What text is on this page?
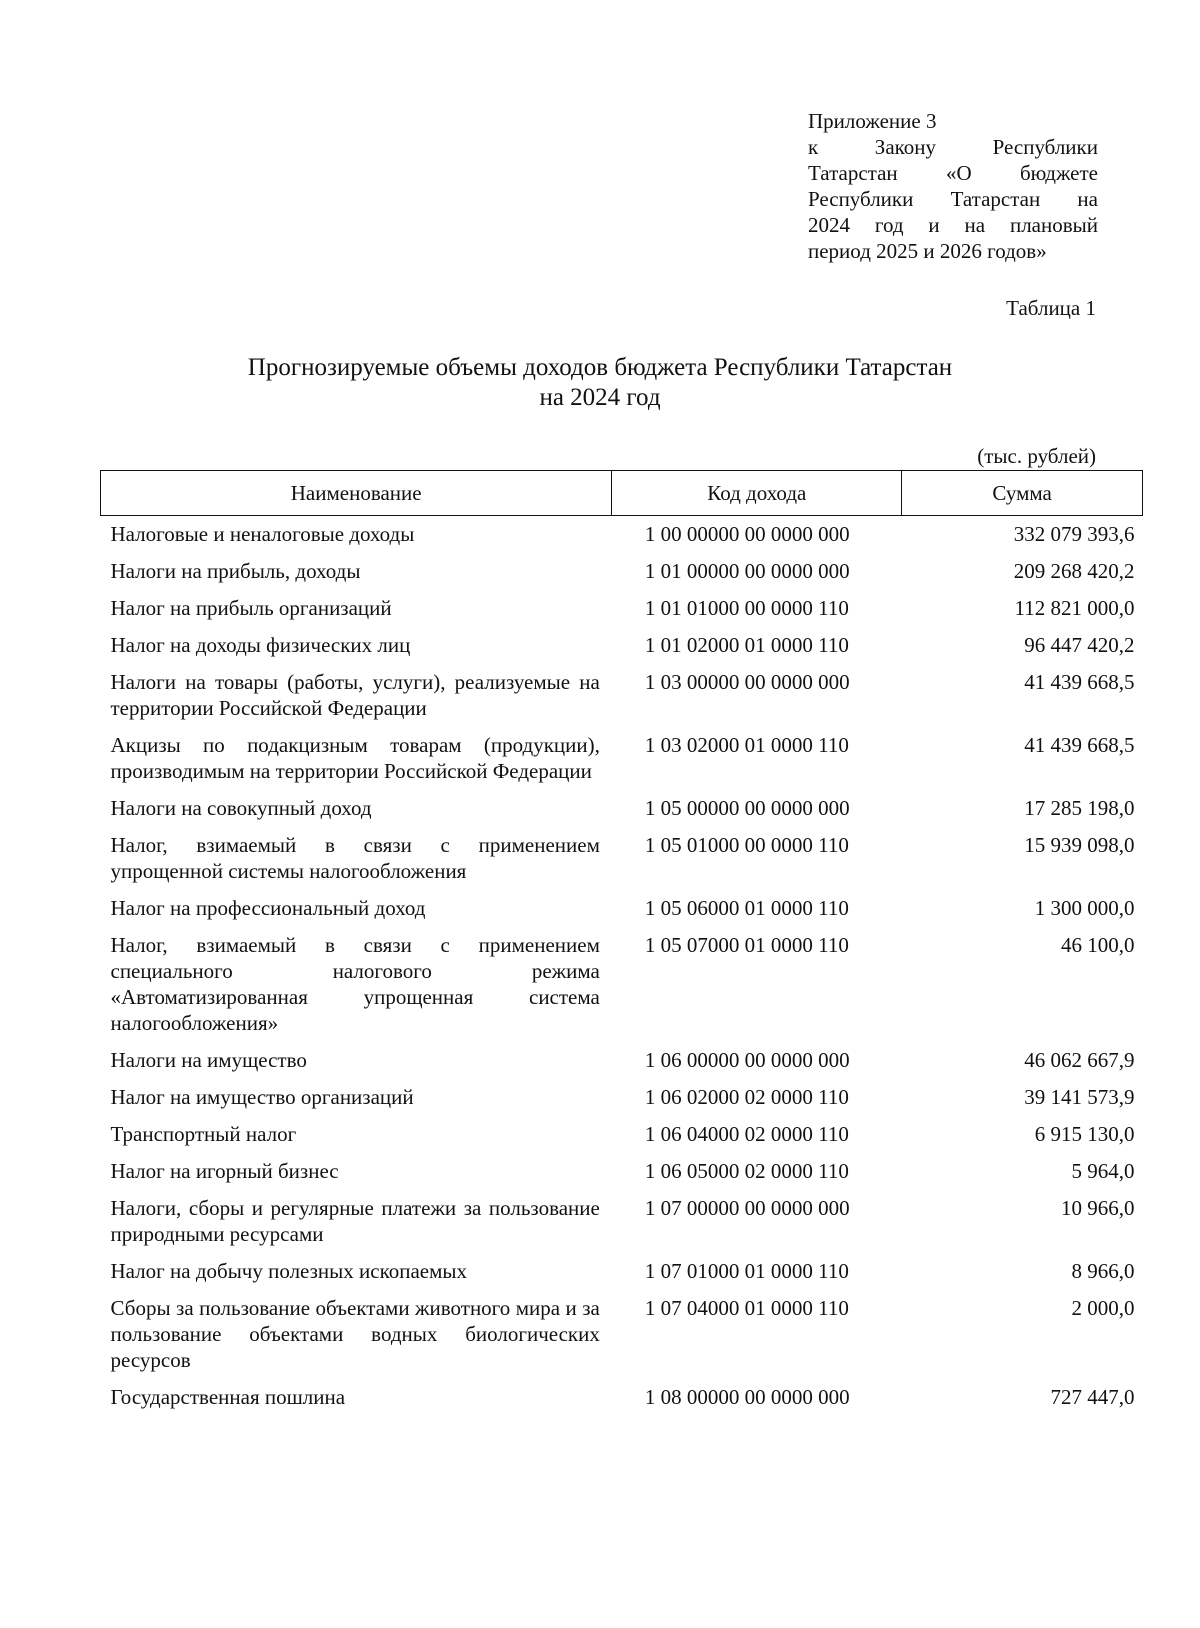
Приложение 3
к Закону Республики
Татарстан «О бюджете
Республики Татарстан на
2024 год и на плановый
период 2025 и 2026 годов»
Таблица 1
Прогнозируемые объемы доходов бюджета Республики Татарстан
на 2024 год
(тыс. рублей)
Наименование	Код дохода	Сумма
Налоговые и неналоговые доходы	1 00 00000 00 0000 000	332 079 393,6
Налоги на прибыль, доходы	1 01 00000 00 0000 000	209 268 420,2
Налог на прибыль организаций	1 01 01000 00 0000 110	112 821 000,0
Налог на доходы физических лиц	1 01 02000 01 0000 110	96 447 420,2
Налоги на товары (работы, услуги), реализуемые на территории Российской Федерации	1 03 00000 00 0000 000	41 439 668,5
Акцизы по подакцизным товарам (продукции), производимым на территории Российской Федерации	1 03 02000 01 0000 110	41 439 668,5
Налоги на совокупный доход	1 05 00000 00 0000 000	17 285 198,0
Налог, взимаемый в связи с применением упрощенной системы налогообложения	1 05 01000 00 0000 110	15 939 098,0
Налог на профессиональный доход	1 05 06000 01 0000 110	1 300 000,0
Налог, взимаемый в связи с применением специального налогового режима «Автоматизированная упрощенная система налогообложения»	1 05 07000 01 0000 110	46 100,0
Налоги на имущество	1 06 00000 00 0000 000	46 062 667,9
Налог на имущество организаций	1 06 02000 02 0000 110	39 141 573,9
Транспортный налог	1 06 04000 02 0000 110	6 915 130,0
Налог на игорный бизнес	1 06 05000 02 0000 110	5 964,0
Налоги, сборы и регулярные платежи за пользование природными ресурсами	1 07 00000 00 0000 000	10 966,0
Налог на добычу полезных ископаемых	1 07 01000 01 0000 110	8 966,0
Сборы за пользование объектами животного мира и за пользование объектами водных биологических ресурсов	1 07 04000 01 0000 110	2 000,0
Государственная пошлина	1 08 00000 00 0000 000	727 447,0
